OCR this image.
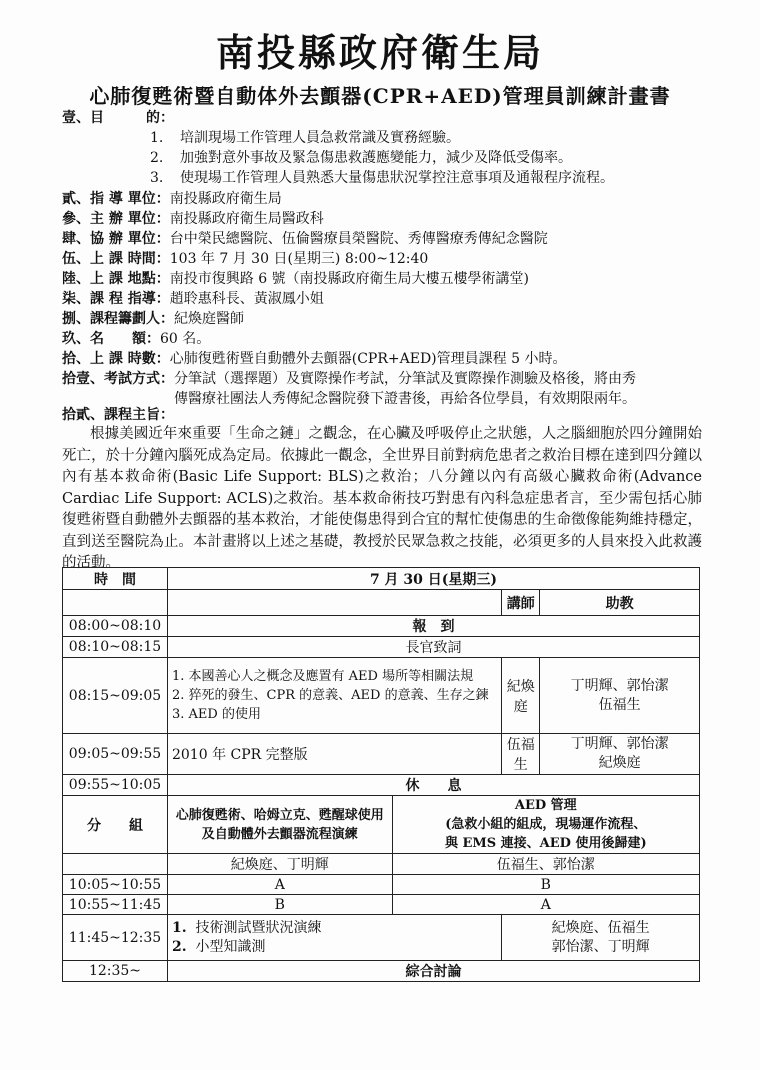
南投縣政府衛生局
心肺復甦術暨自動体外去顫器(CPR+AED)管理員訓練計畫書
壹、目　　　的：
1. 培訓現場工作管理人員急救常識及實務經驗。
2. 加強對意外事故及緊急傷患救護應變能力，減少及降低受傷率。
3. 使現場工作管理人員熟悉大量傷患狀況掌控注意事項及通報程序流程。
貳、指 導 單位：南投縣政府衛生局
參、主 辦 單位：南投縣政府衛生局醫政科
肆、協 辦 單位：台中榮民總醫院、伍倫醫療員榮醫院、秀傳醫療秀傳紀念醫院
伍、上 課 時間：103 年 7 月 30 日(星期三) 8:00~12:40
陸、上 課 地點：南投市復興路 6 號（南投縣政府衛生局大樓五樓學術講堂)
柒、課 程 指導：趙聆惠科長、黃淑鳳小姐
捌、課程籌劃人：紀煥庭醫師
玖、名　　額：60 名。
拾、上 課 時數：心肺復甦術暨自動體外去顫器(CPR+AED)管理員課程 5 小時。
拾壹、考試方式：分筆試（選擇題）及實際操作考試，分筆試及實際操作測驗及格後，將由秀
傳醫療社團法人秀傳紀念醫院發下證書後，再給各位學員，有效期限兩年。
拾貳、課程主旨：
根據美國近年來重要「生命之鏈」之觀念，在心臟及呼吸停止之狀態，人之腦細胞於四分鐘開始死亡，於十分鐘內腦死成為定局。依據此一觀念，全世界目前對病危患者之救治目標在達到四分鐘以內有基本救命術(Basic Life Support: BLS)之救治；八分鐘以內有高級心臟救命術(Advance Cardiac Life Support: ACLS)之救治。基本救命術技巧對患有內科急症患者言，至少需包括心肺復甦術暨自動體外去顫器的基本救治，才能使傷患得到合宜的幫忙使傷患的生命徵像能夠維持穩定，直到送至醫院為止。本計畫將以上述之基礎，教授於民眾急救之技能，必須更多的人員來投入此救護的活動。
時　間	7 月 30 日(星期三)			
			講師	助教
08:00~08:10	報　到			
08:10~08:15	長官致詞			
08:15~09:05	1. 本國善心人之概念及應置有 AED 場所等相關法規
2. 猝死的發生、CPR 的意義、AED 的意義、生存之鍊
3. AED 的使用		紀煥庭	丁明輝、郭怡潔
伍福生

09:05~09:55	2010 年 CPR 完整版		伍福生	丁明輝、郭怡潔
紀煥庭

09:55~10:05	休　　息			
分　　組	心肺復甦術、哈姆立克、甦醒球使用
及自動體外去顫器流程演練	AED 管理
(急救小組的組成，現場運作流程、
與 EMS 連接、AED 使用後歸建)		

	紀煥庭、丁明輝	伍福生、郭怡潔		
10:05~10:55	A	B		
10:55~11:45	B	A		
11:45~12:35	1. 技術測試暨狀況演練
2. 小型知識測		紀煥庭、伍福生
郭怡潔、丁明輝	

12:35~	綜合討論			
